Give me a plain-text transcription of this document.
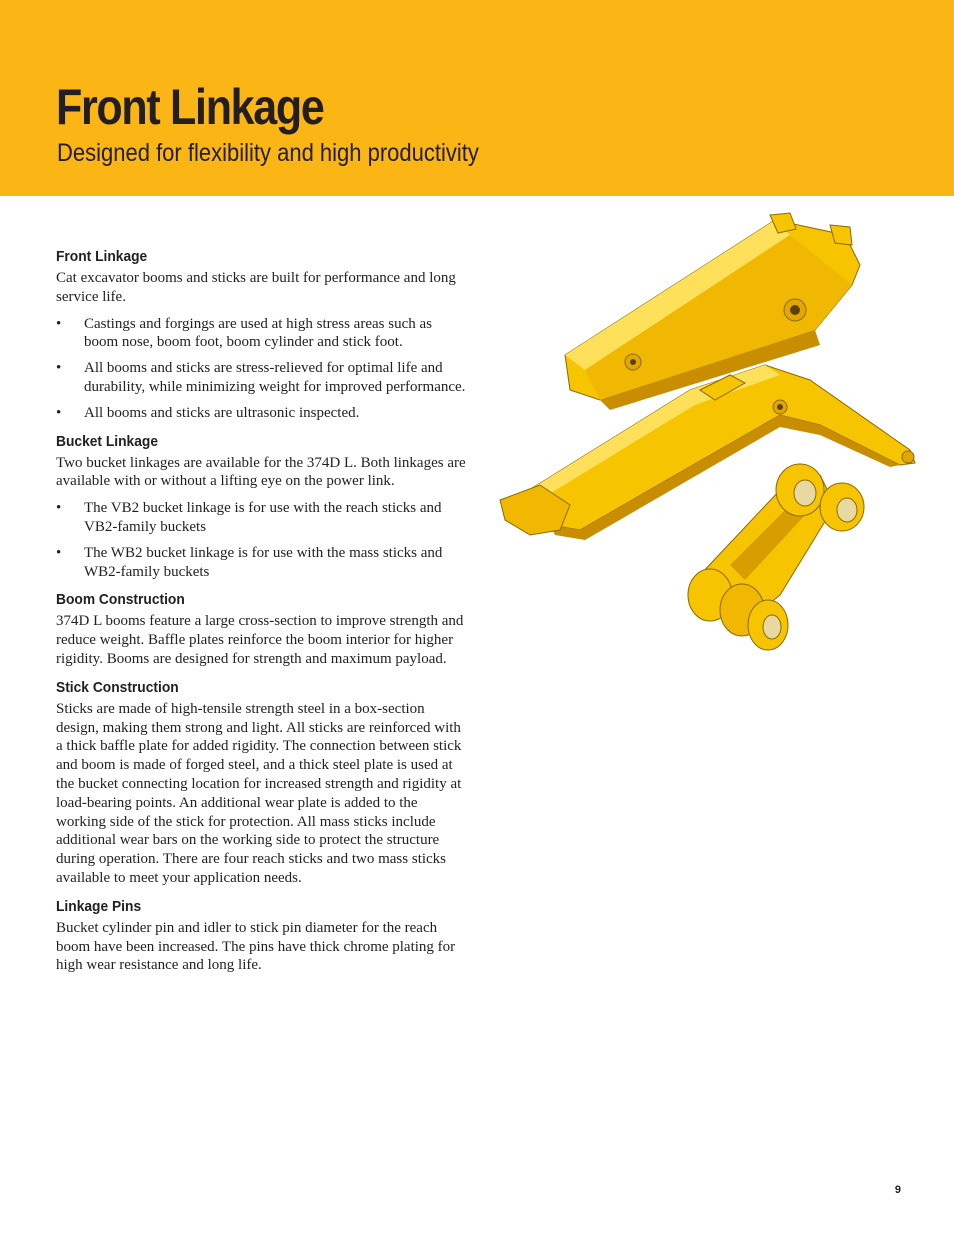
Front Linkage
Designed for flexibility and high productivity
Front Linkage

Cat excavator booms and sticks are built for performance and long service life.

• Castings and forgings are used at high stress areas such as boom nose, boom foot, boom cylinder and stick foot.
• All booms and sticks are stress-relieved for optimal life and durability, while minimizing weight for improved performance.
• All booms and sticks are ultrasonic inspected.
Bucket Linkage

Two bucket linkages are available for the 374D L. Both linkages are available with or without a lifting eye on the power link.

• The VB2 bucket linkage is for use with the reach sticks and VB2-family buckets
• The WB2 bucket linkage is for use with the mass sticks and WB2-family buckets
Boom Construction

374D L booms feature a large cross-section to improve strength and reduce weight. Baffle plates reinforce the boom interior for higher rigidity. Booms are designed for strength and maximum payload.

Stick Construction

Sticks are made of high-tensile strength steel in a box-section design, making them strong and light. All sticks are reinforced with a thick baffle plate for added rigidity. The connection between stick and boom is made of forged steel, and a thick steel plate is used at the bucket connecting location for increased strength and rigidity at load-bearing points. An additional wear plate is added to the working side of the stick for protection. All mass sticks include additional wear bars on the working side to protect the structure during operation. There are four reach sticks and two mass sticks available to meet your application needs.

Linkage Pins

Bucket cylinder pin and idler to stick pin diameter for the reach boom have been increased. The pins have thick chrome plating for high wear resistance and long life.

9
